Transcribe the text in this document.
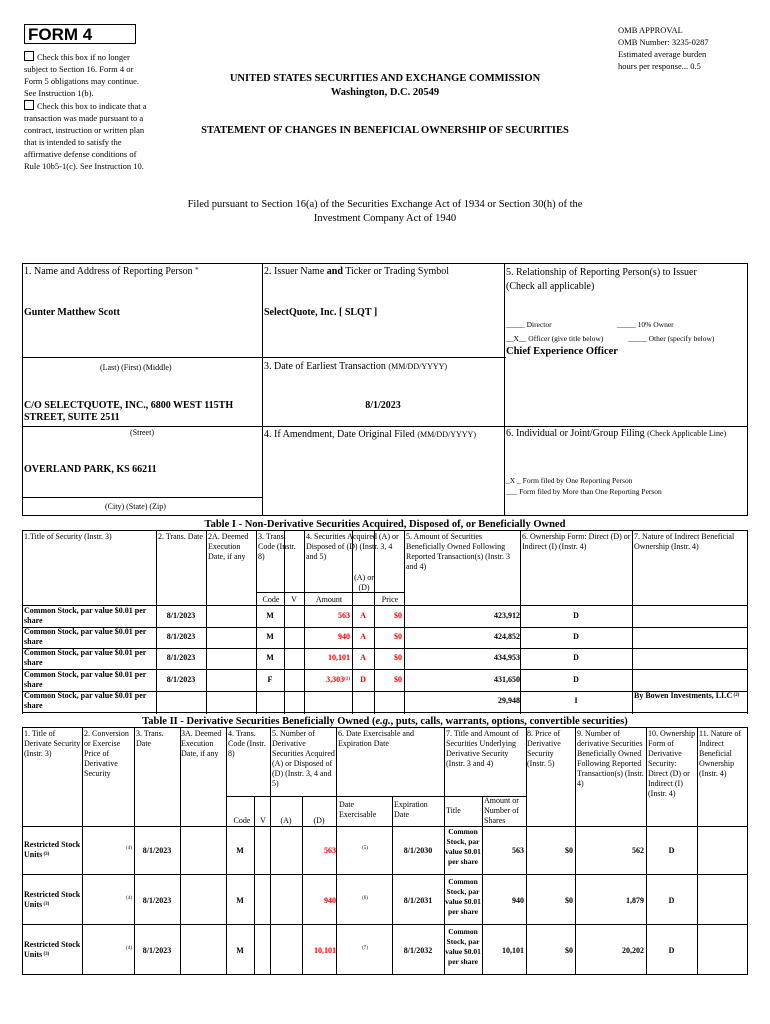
FORM 4
Check this box if no longer subject to Section 16. Form 4 or Form 5 obligations may continue. See Instruction 1(b).
Check this box to indicate that a transaction was made pursuant to a contract, instruction or written plan that is intended to satisfy the affirmative defense conditions of Rule 10b5-1(c). See Instruction 10.
OMB APPROVAL
OMB Number: 3235-0287
Estimated average burden
hours per response... 0.5
UNITED STATES SECURITIES AND EXCHANGE COMMISSION
Washington, D.C. 20549
STATEMENT OF CHANGES IN BENEFICIAL OWNERSHIP OF SECURITIES
Filed pursuant to Section 16(a) of the Securities Exchange Act of 1934 or Section 30(h) of the
Investment Company Act of 1940
1. Name and Address of Reporting Person *
Gunter Matthew Scott
(Last) (First) (Middle)
C/O SELECTQUOTE, INC., 6800 WEST 115TH STREET, SUITE 2511
(Street)
OVERLAND PARK, KS 66211
(City) (State) (Zip)
2. Issuer Name and Ticker or Trading Symbol
SelectQuote, Inc. [ SLQT ]
3. Date of Earliest Transaction (MM/DD/YYYY)
8/1/2023
4. If Amendment, Date Original Filed (MM/DD/YYYY)
5. Relationship of Reporting Person(s) to Issuer
(Check all applicable)
_____ Director	_____ 10% Owner
__X__ Officer (give title below)	_____ Other (specify below)
Chief Experience Officer
6. Individual or Joint/Group Filing (Check Applicable Line)
_X _ Form filed by One Reporting Person
___ Form filed by More than One Reporting Person
Table I - Non-Derivative Securities Acquired, Disposed of, or Beneficially Owned
1.Title of Security (Instr. 3)	2. Trans. Date 2A. Deemed Execution Date, if any
3. Trans. Code (Instr. 8)
4. Securities Acquired (A) or Disposed of (D) (Instr. 3, 4 and 5)
5. Amount of Securities Beneficially Owned Following Reported Transaction(s) (Instr. 3 and 4)
6. Ownership Form: Direct (D) or Indirect (I) (Instr. 4)
7. Nature of Indirect Beneficial Ownership (Instr. 4)
Code	V	Amount
(A) or (D)
Price
Common Stock, par value $0.01 per share
8/1/2023	M	563	A	$0	423,912	D
Common Stock, par value $0.01 per share
8/1/2023	M	940	A	$0	424,852	D
Common Stock, par value $0.01 per share
8/1/2023	M	10,101	A	$0	434,953	D
Common Stock, par value $0.01 per share
8/1/2023	F	3,303$^{(1)}$	D	$0	431,650	D
Common Stock, par value $0.01 per share
29,948	I
By Bowen Investments, LLC $^{(2)}$
Table II - Derivative Securities Beneficially Owned (e.g., puts, calls, warrants, options, convertible securities)
1. Title of Derivate Security (Instr. 3)
2. Conversion or Exercise Price of Derivative Security
3. Trans. Date
3A. Deemed Execution Date, if any
4. Trans. Code (Instr. 8)
5. Number of Derivative Securities Acquired (A) or Disposed of (D) (Instr. 3, 4 and 5)
6. Date Exercisable and Expiration Date
7. Title and Amount of Securities Underlying Derivative Security (Instr. 3 and 4)
8. Price of Derivative Security (Instr. 5)
9. Number of derivative Securities Beneficially Owned Following Reported Transaction(s) (Instr. 4)
10. Ownership Form of Derivative Security: Direct (D) or Indirect (I) (Instr. 4)
11. Nature of Indirect Beneficial Ownership (Instr. 4)
Code	V	(A)	(D)
Date Exercisable
Expiration Date	Title
Amount or Number of Shares
Restricted Stock Units $^{(3)}$
(4)	8/1/2023	M	563	(5)	8/1/2030
Common Stock, par value $0.01 per share
563	$0	562	D
Restricted Stock Units $^{(3)}$
(4)	8/1/2023	M	940	(6)	8/1/2031
Common Stock, par value $0.01 per share
940	$0	1,879	D
Restricted Stock Units $^{(3)}$
(4)	8/1/2023	M	10,101	(7)	8/1/2032
Common Stock, par value $0.01 per share
10,101	$0	20,202	D
